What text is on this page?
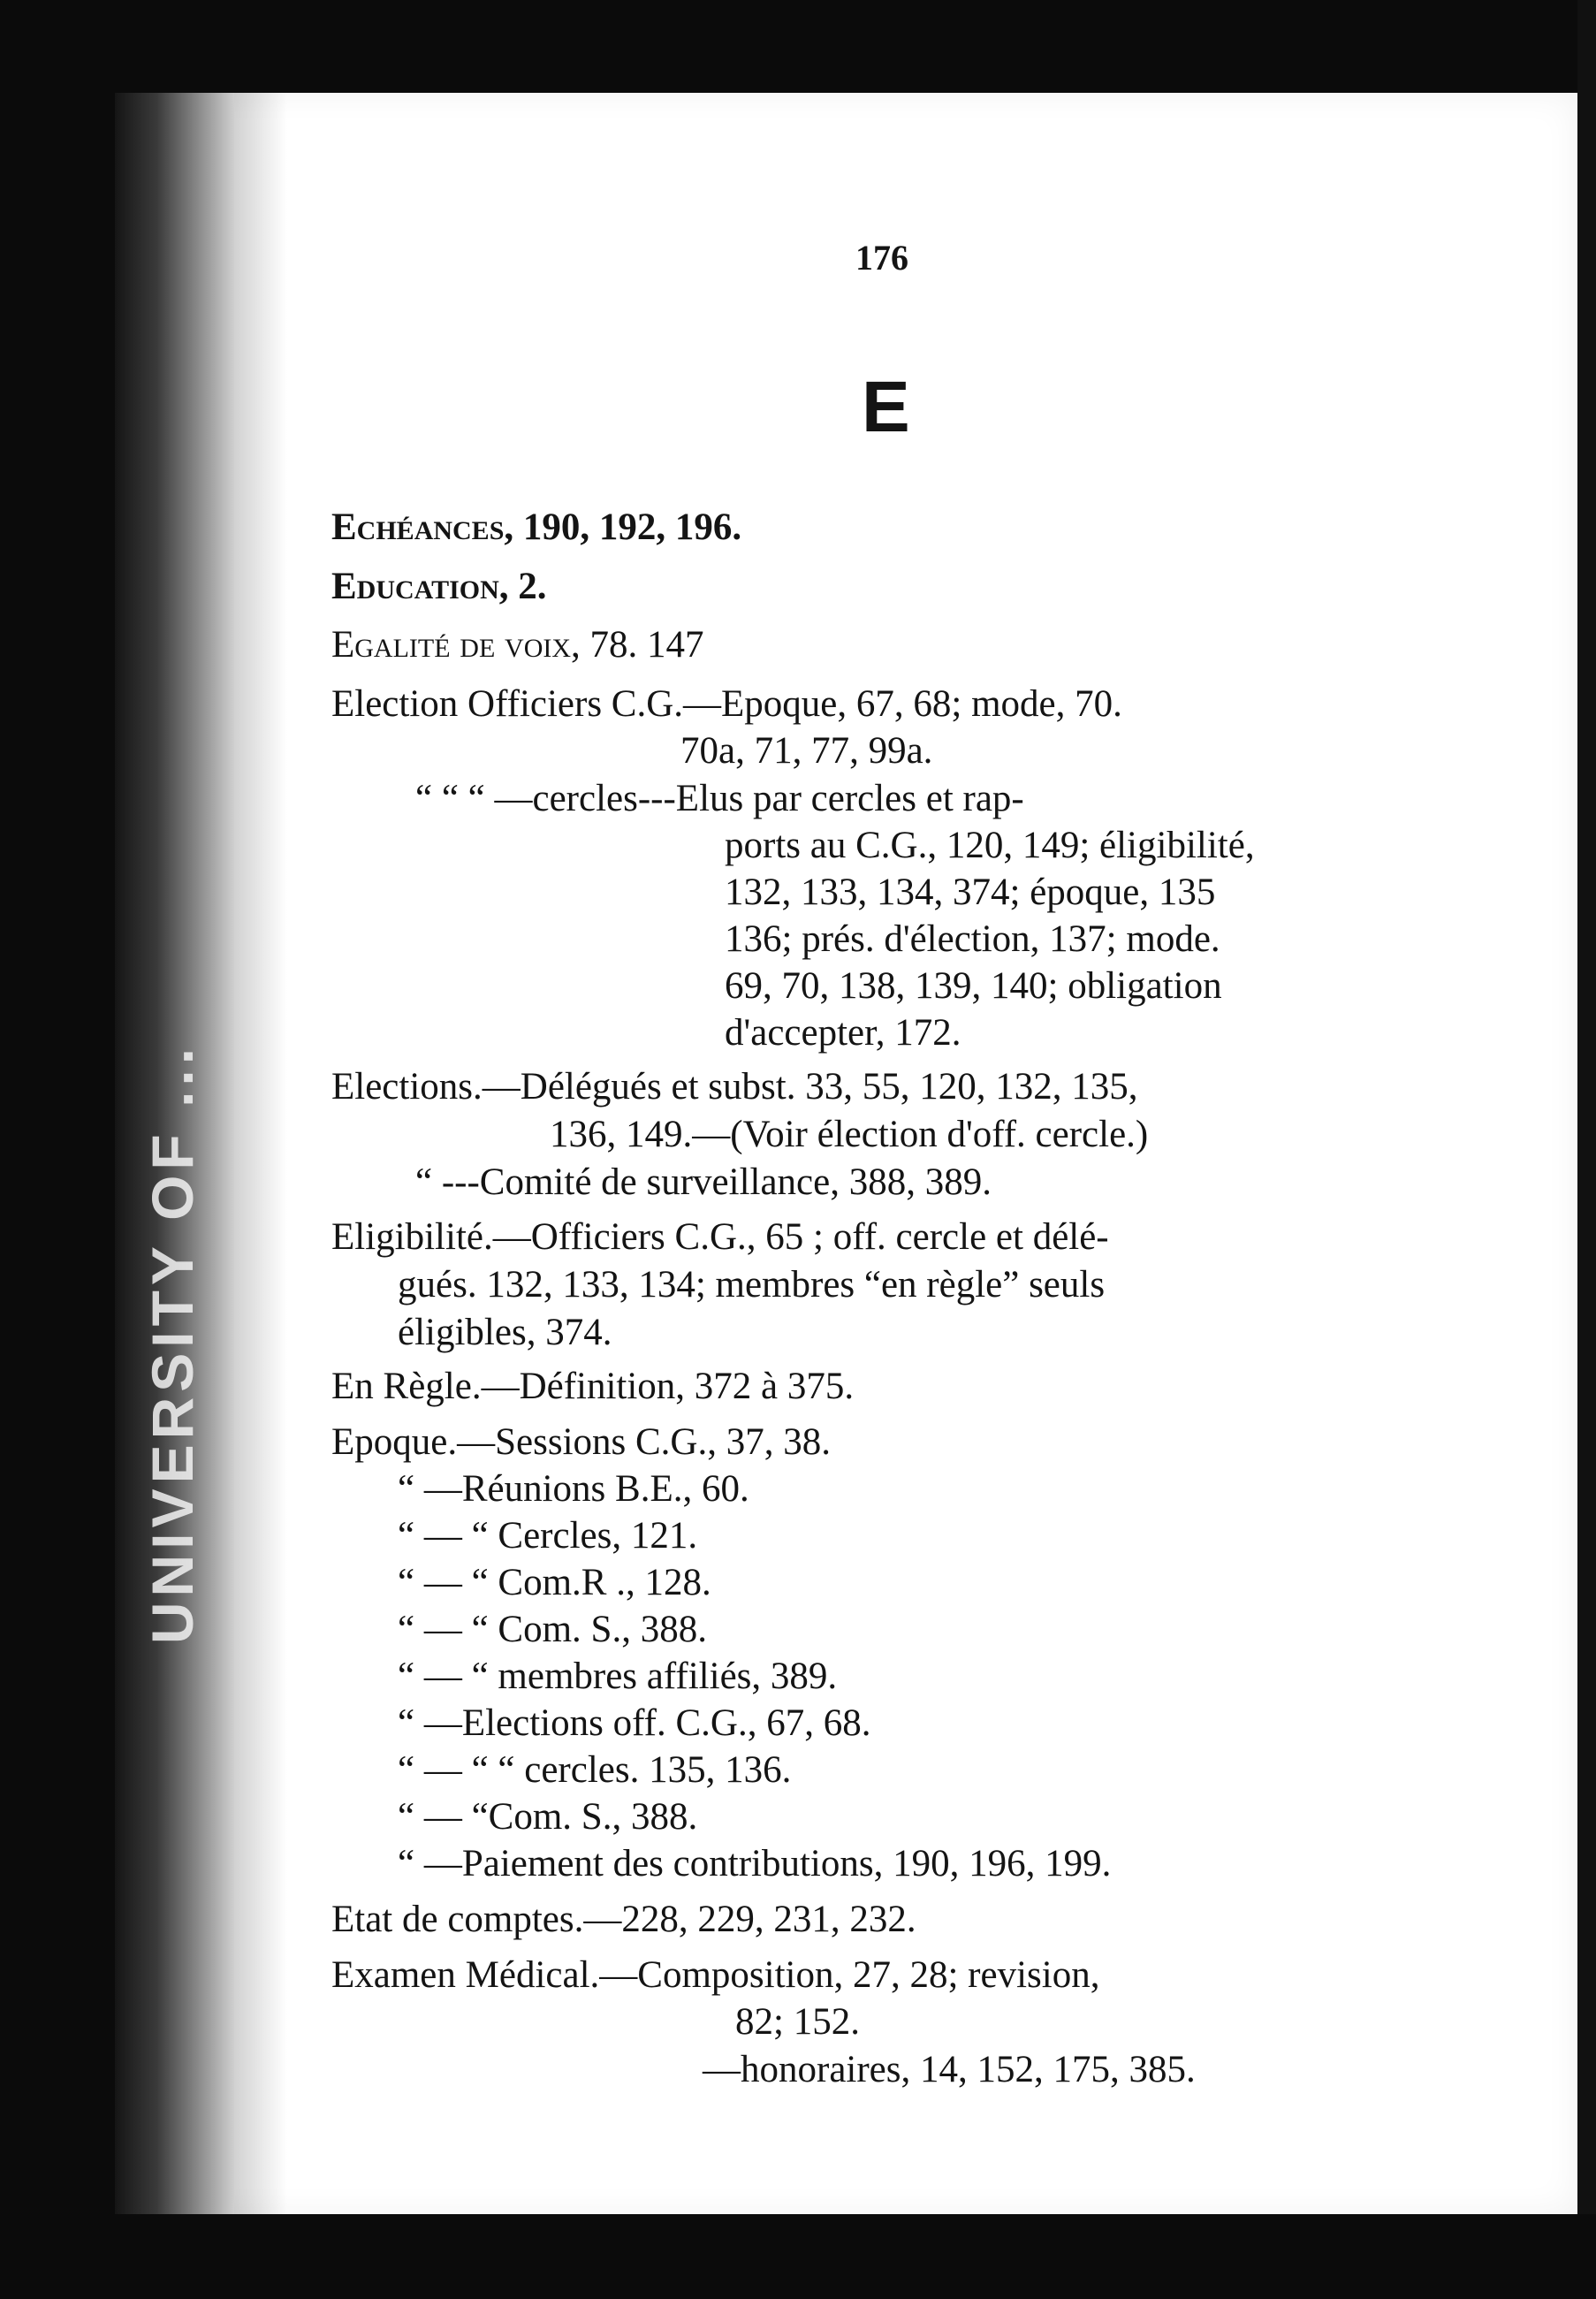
UNIVERSITY OF ...

176

E

Echéances, 190, 192, 196.

Education, 2.

Egalité de voix, 78. 147

Election Officiers C.G.—Epoque, 67, 68; mode, 70.

70a, 71, 77, 99a.

“ “ “ —cercles---Elus par cercles et rap-

ports au C.G., 120, 149; éligibilité,

132, 133, 134, 374; époque, 135

136; prés. d'élection, 137; mode.

69, 70, 138, 139, 140; obligation

d'accepter, 172.

Elections.—Délégués et subst. 33, 55, 120, 132, 135,

136, 149.—(Voir élection d'off. cercle.)

“ ---Comité de surveillance, 388, 389.

Eligibilité.—Officiers C.G., 65 ; off. cercle et délé-

gués. 132, 133, 134; membres “en règle” seuls

éligibles, 374.

En Règle.—Définition, 372 à 375.

Epoque.—Sessions C.G., 37, 38.

“ —Réunions B.E., 60.

“ — “ Cercles, 121.

“ — “ Com.R ., 128.

“ — “ Com. S., 388.

“ — “ membres affiliés, 389.

“ —Elections off. C.G., 67, 68.

“ — “ “ cercles. 135, 136.

“ — “Com. S., 388.

“ —Paiement des contributions, 190, 196, 199.

Etat de comptes.—228, 229, 231, 232.

Examen Médical.—Composition, 27, 28; revision,

82; 152.

—honoraires, 14, 152, 175, 385.
